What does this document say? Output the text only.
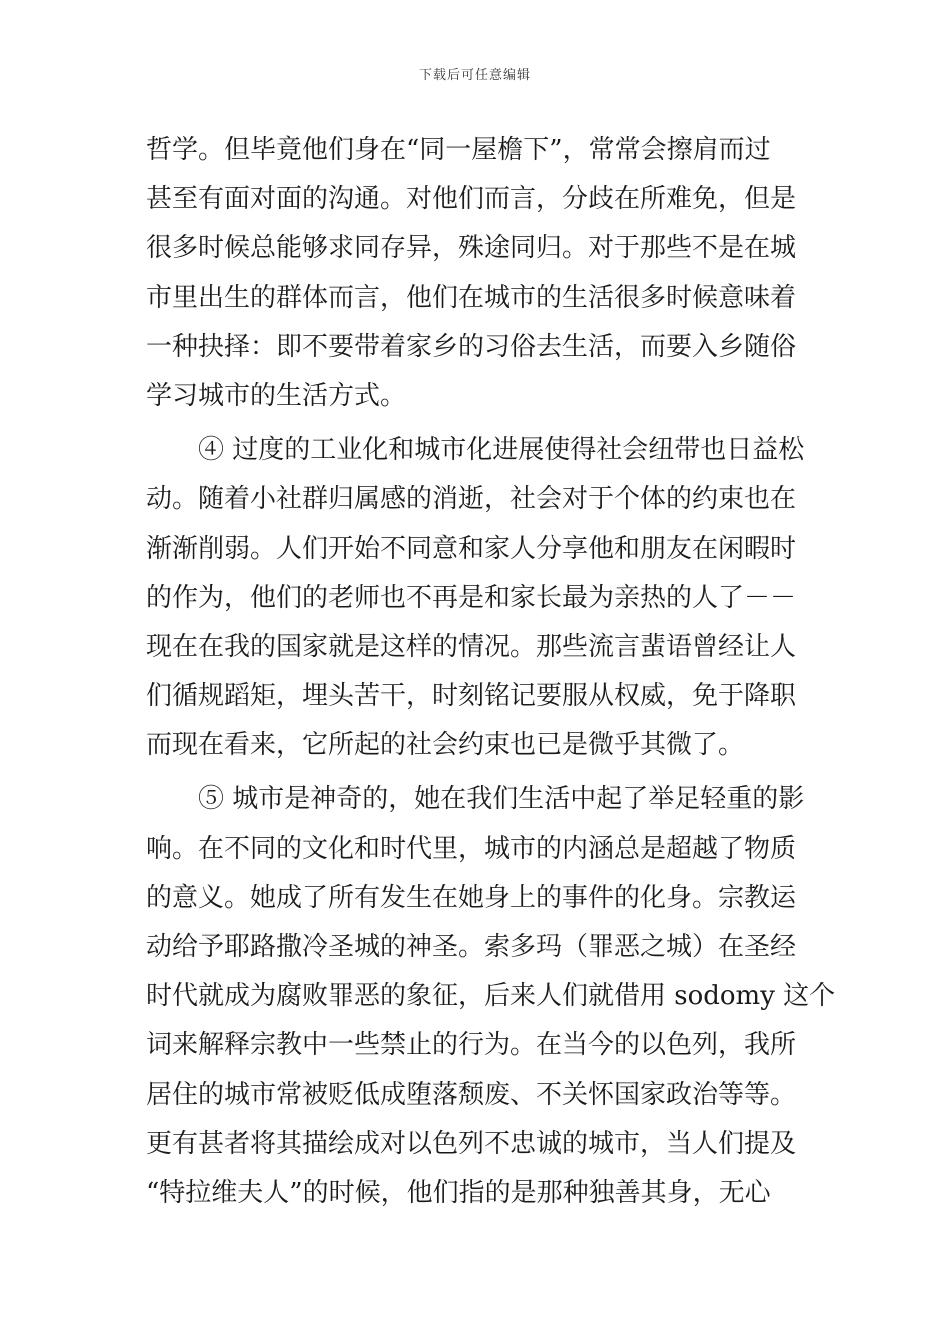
下载后可任意编辑
哲学。但毕竟他们身在“同一屋檐下”，常常会擦肩而过
甚至有面对面的沟通。对他们而言，分歧在所难免，但是
很多时候总能够求同存异，殊途同归。对于那些不是在城
市里出生的群体而言，他们在城市的生活很多时候意味着
一种抉择：即不要带着家乡的习俗去生活，而要入乡随俗
学习城市的生活方式。
④ 过度的工业化和城市化进展使得社会纽带也日益松
动。随着小社群归属感的消逝，社会对于个体的约束也在
渐渐削弱。人们开始不同意和家人分享他和朋友在闲暇时
的作为，他们的老师也不再是和家长最为亲热的人了－－
现在在我的国家就是这样的情况。那些流言蜚语曾经让人
们循规蹈矩，埋头苦干，时刻铭记要服从权威，免于降职
而现在看来，它所起的社会约束也已是微乎其微了。
⑤ 城市是神奇的，她在我们生活中起了举足轻重的影
响。在不同的文化和时代里，城市的内涵总是超越了物质
的意义。她成了所有发生在她身上的事件的化身。宗教运
动给予耶路撒冷圣城的神圣。索多玛（罪恶之城）在圣经
时代就成为腐败罪恶的象征，后来人们就借用 sodomy 这个
词来解释宗教中一些禁止的行为。在当今的以色列，我所
居住的城市常被贬低成堕落颓废、不关怀国家政治等等。
更有甚者将其描绘成对以色列不忠诚的城市，当人们提及
“特拉维夫人”的时候，他们指的是那种独善其身，无心
